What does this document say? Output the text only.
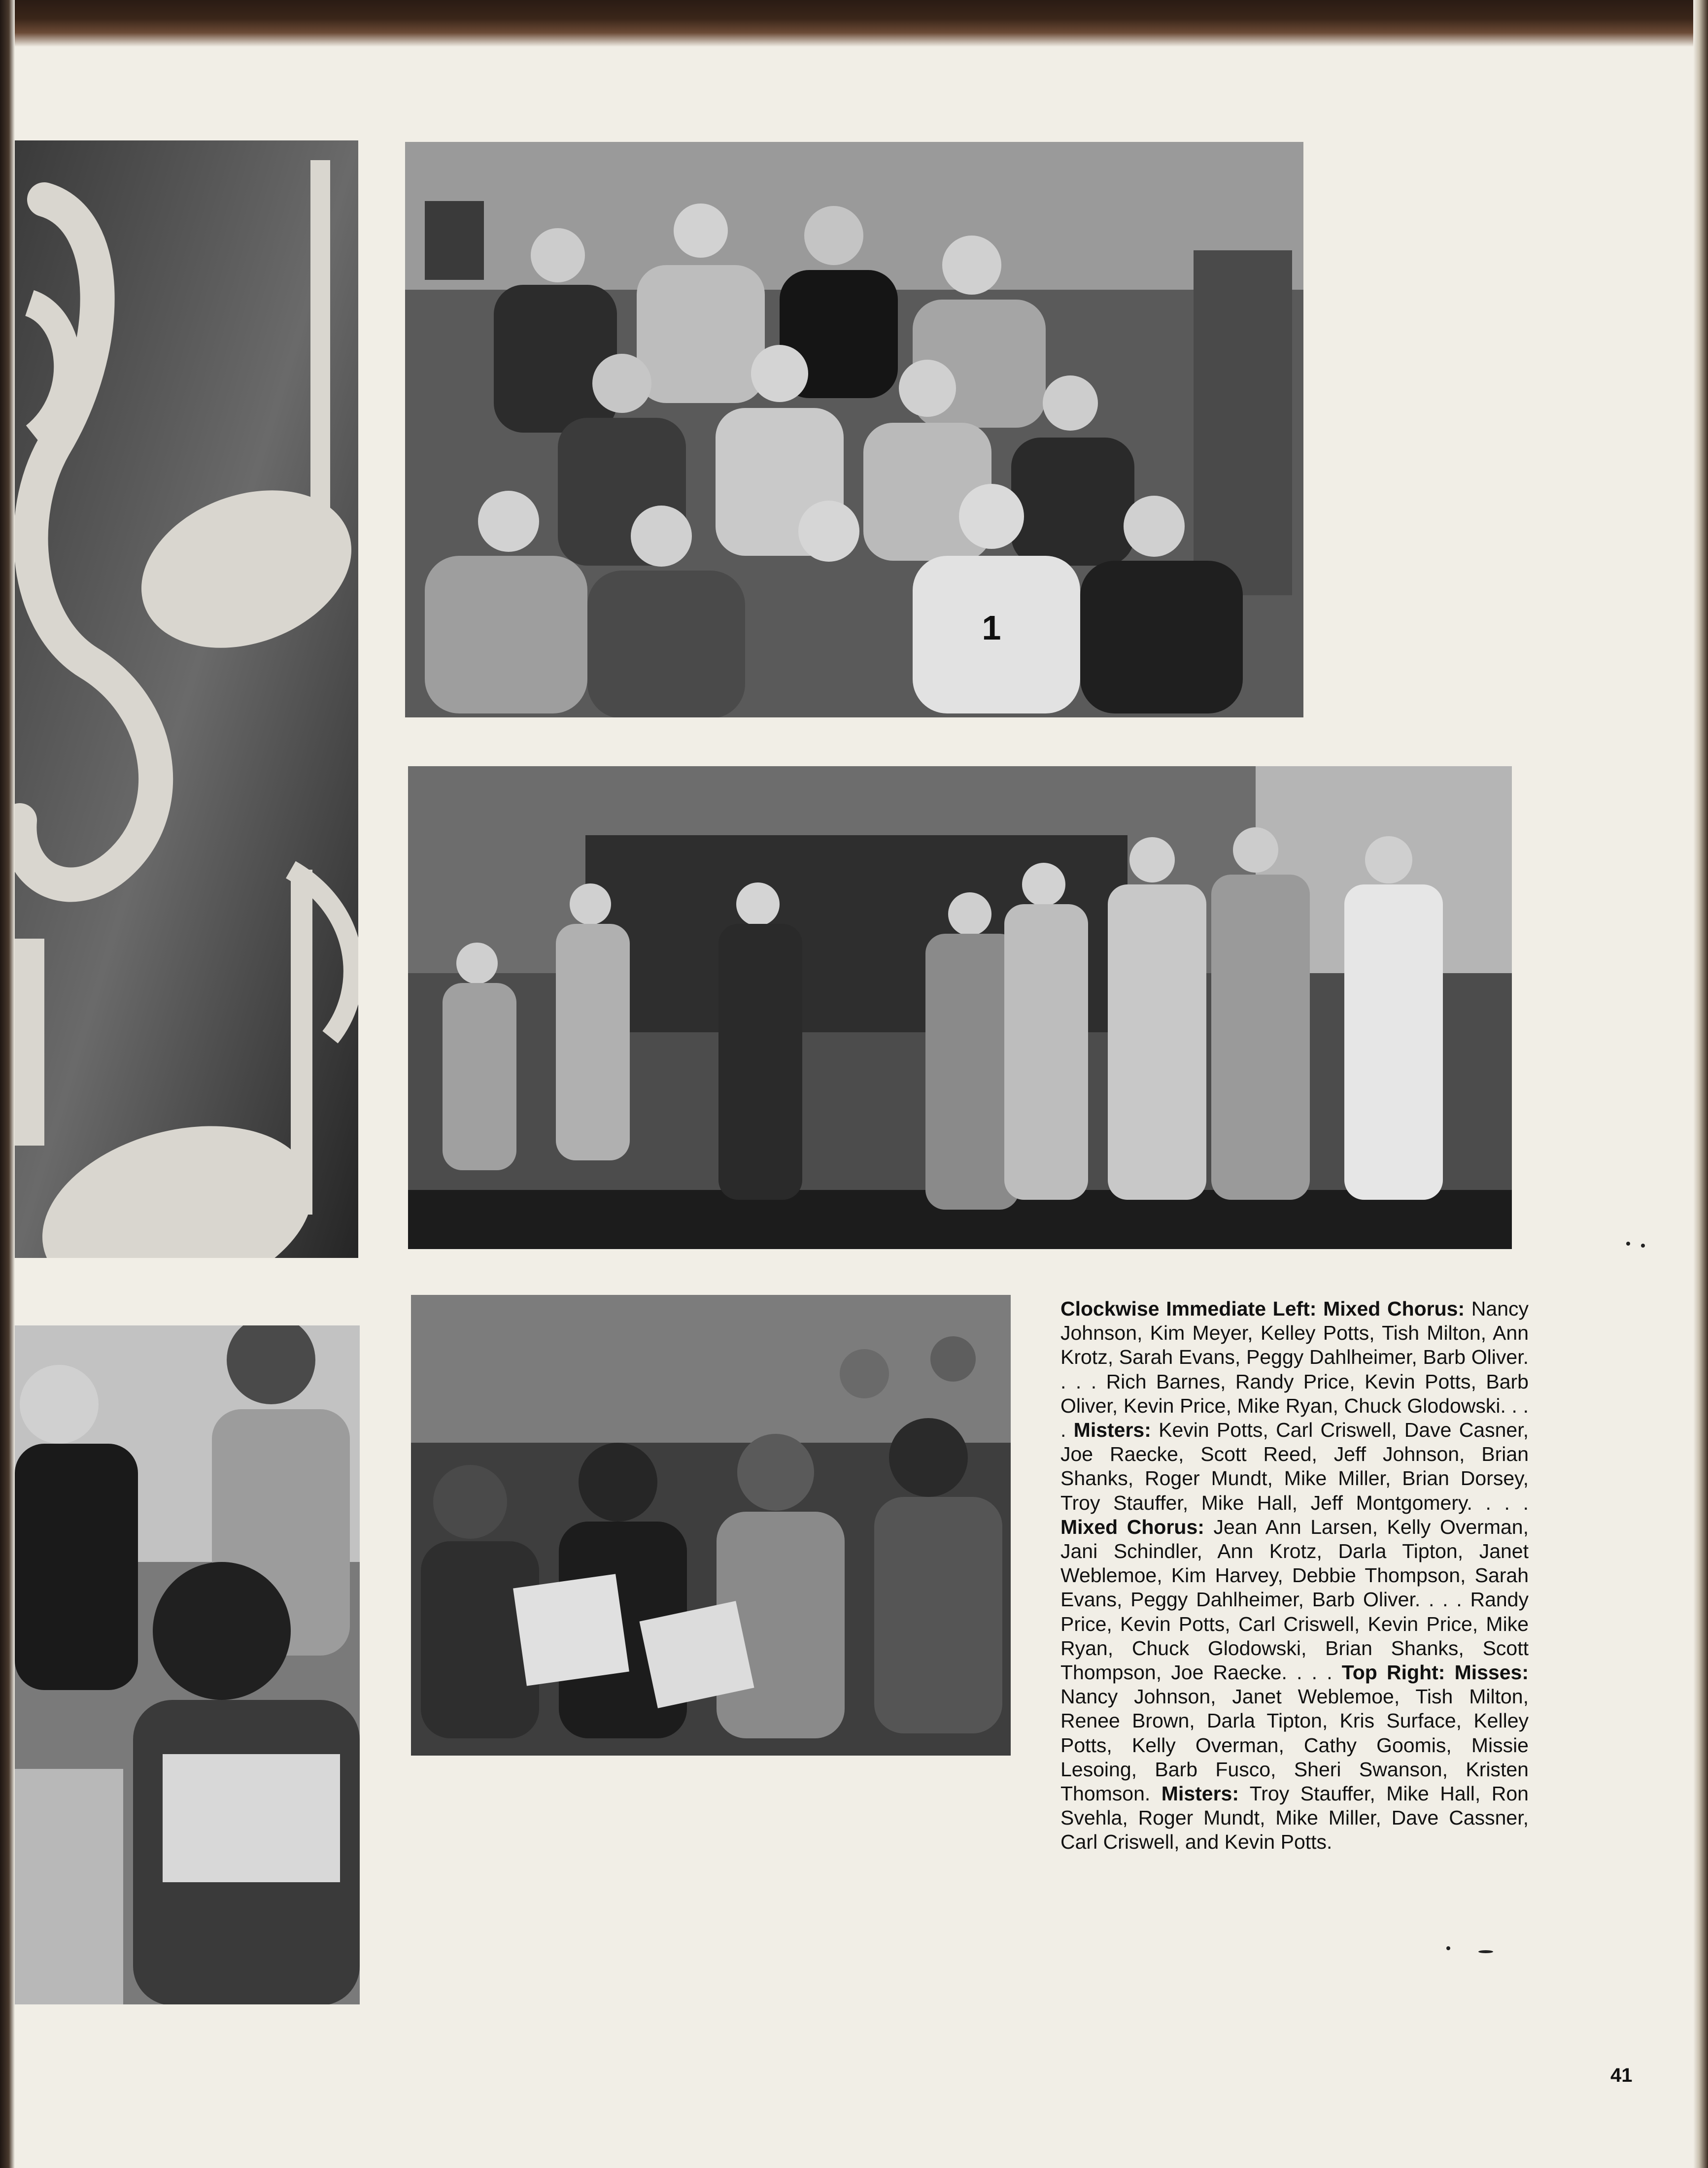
1
Clockwise Immediate Left: Mixed Chorus: Nancy Johnson, Kim Meyer, Kelley Potts, Tish Milton, Ann Krotz, Sarah Evans, Peggy Dahlheimer, Barb Oliver. . . . Rich Barnes, Randy Price, Kevin Potts, Barb Oliver, Kevin Price, Mike Ryan, Chuck Glodowski. . . . Misters: Kevin Potts, Carl Criswell, Dave Casner, Joe Raecke, Scott Reed, Jeff Johnson, Brian Shanks, Roger Mundt, Mike Miller, Brian Dorsey, Troy Stauffer, Mike Hall, Jeff Montgomery. . . . Mixed Chorus: Jean Ann Larsen, Kelly Overman, Jani Schindler, Ann Krotz, Darla Tipton, Janet Weblemoe, Kim Harvey, Debbie Thompson, Sarah Evans, Peggy Dahlheimer, Barb Oliver. . . . Randy Price, Kevin Potts, Carl Criswell, Kevin Price, Mike Ryan, Chuck Glodowski, Brian Shanks, Scott Thompson, Joe Raecke. . . . Top Right: Misses: Nancy Johnson, Janet Weblemoe, Tish Milton, Renee Brown, Darla Tipton, Kris Surface, Kelley Potts, Kelly Overman, Cathy Goomis, Missie Lesoing, Barb Fusco, Sheri Swanson, Kristen Thomson. Misters: Troy Stauffer, Mike Hall, Ron Svehla, Roger Mundt, Mike Miller, Dave Cassner, Carl Criswell, and Kevin Potts.
41
